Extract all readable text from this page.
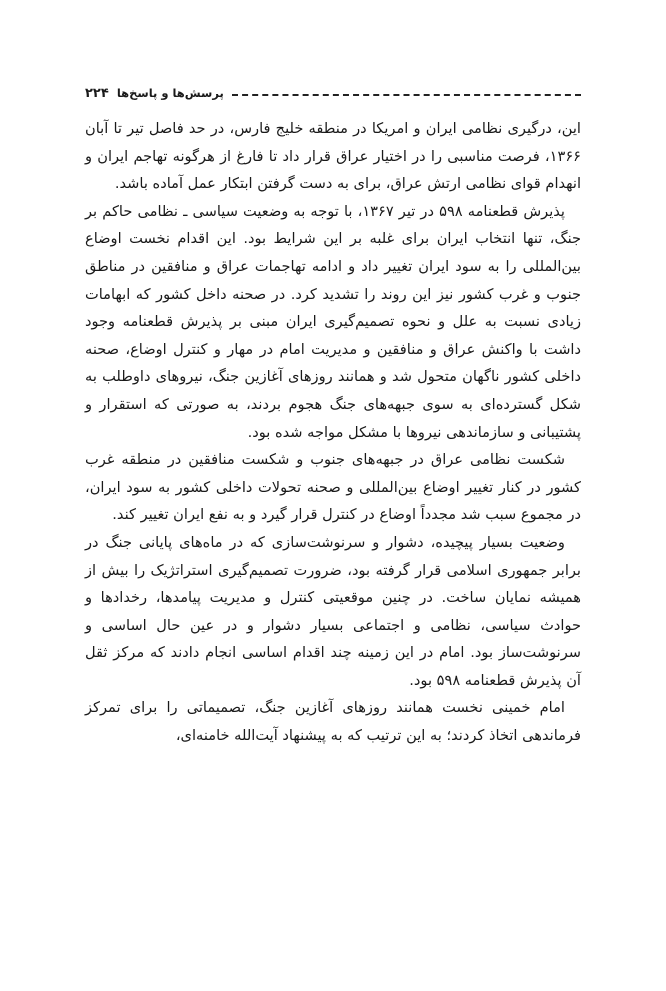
۲۲۴ پرسش‌ها و پاسخ‌ها

این، درگیری نظامی ایران و امریکا در منطقه خلیج فارس، در حد فاصل تیر تا آبان ۱۳۶۶، فرصت مناسبی را در اختیار عراق قرار داد تا فارغ از هرگونه تهاجم ایران و انهدام قوای نظامی ارتش عراق، برای به دست گرفتن ابتکار عمل آماده باشد.

پذیرش قطعنامه ۵۹۸ در تیر ۱۳۶۷، با توجه به وضعیت سیاسی ـ نظامی حاکم بر جنگ، تنها انتخاب ایران برای غلبه بر این شرایط بود. این اقدام نخست اوضاع بین‌المللی را به سود ایران تغییر داد و ادامه تهاجمات عراق و منافقین در مناطق جنوب و غرب کشور نیز این روند را تشدید کرد. در صحنه داخل کشور که ابهامات زیادی نسبت به علل و نحوه تصمیم‌گیری ایران مبنی بر پذیرش قطعنامه وجود داشت با واکنش عراق و منافقین و مدیریت امام در مهار و کنترل اوضاع، صحنه داخلی کشور ناگهان متحول شد و همانند روزهای آغازین جنگ، نیروهای داوطلب به شکل گسترده‌ای به سوی جبهه‌های جنگ هجوم بردند، به صورتی که استقرار و پشتیبانی و سازماندهی نیروها با مشکل مواجه شده بود.

شکست نظامی عراق در جبهه‌های جنوب و شکست منافقین در منطقه غرب کشور در کنار تغییر اوضاع بین‌المللی و صحنه تحولات داخلی کشور به سود ایران، در مجموع سبب شد مجدداً اوضاع در کنترل قرار گیرد و به نفع ایران تغییر کند.

وضعیت بسیار پیچیده، دشوار و سرنوشت‌سازی که در ماه‌های پایانی جنگ در برابر جمهوری اسلامی قرار گرفته بود، ضرورت تصمیم‌گیری استراتژیک را بیش از همیشه نمایان ساخت. در چنین موقعیتی کنترل و مدیریت پیامدها، رخدادها و حوادث سیاسی، نظامی و اجتماعی بسیار دشوار و در عین حال اساسی و سرنوشت‌ساز بود. امام در این زمینه چند اقدام اساسی انجام دادند که مرکز ثقل آن پذیرش قطعنامه ۵۹۸ بود.

امام خمینی نخست همانند روزهای آغازین جنگ، تصمیماتی را برای تمرکز فرماندهی اتخاذ کردند؛ به این ترتیب که به پیشنهاد آیت‌الله خامنه‌ای،
